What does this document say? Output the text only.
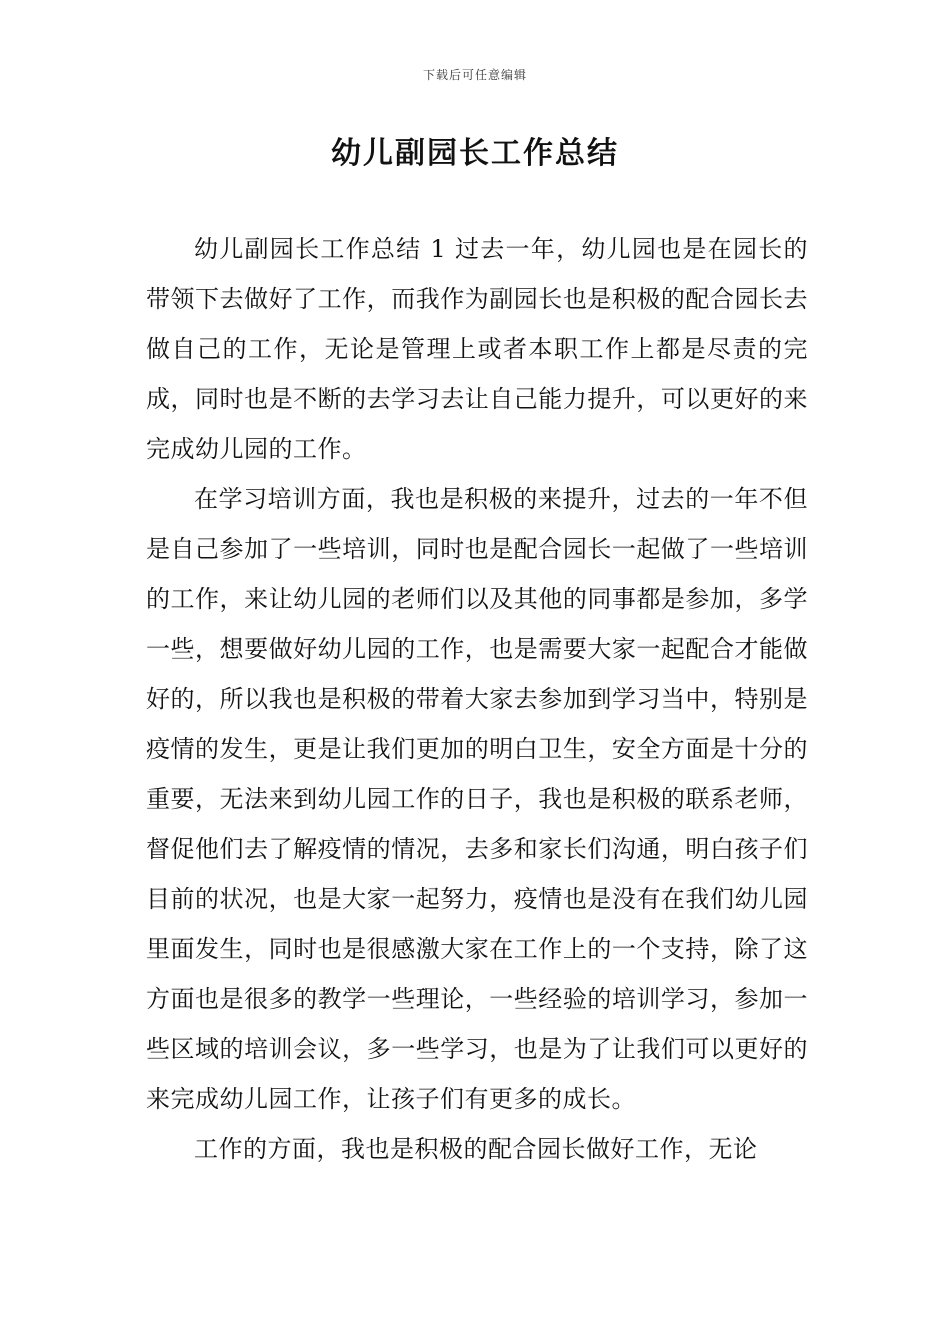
下载后可任意编辑
幼儿副园长工作总结

幼儿副园长工作总结 1 过去一年，幼儿园也是在园长的带领下去做好了工作，而我作为副园长也是积极的配合园长去做自己的工作，无论是管理上或者本职工作上都是尽责的完成，同时也是不断的去学习去让自己能力提升，可以更好的来完成幼儿园的工作。

在学习培训方面，我也是积极的来提升，过去的一年不但是自己参加了一些培训，同时也是配合园长一起做了一些培训的工作，来让幼儿园的老师们以及其他的同事都是参加，多学一些，想要做好幼儿园的工作，也是需要大家一起配合才能做好的，所以我也是积极的带着大家去参加到学习当中，特别是疫情的发生，更是让我们更加的明白卫生，安全方面是十分的重要，无法来到幼儿园工作的日子，我也是积极的联系老师，督促他们去了解疫情的情况，去多和家长们沟通，明白孩子们目前的状况，也是大家一起努力，疫情也是没有在我们幼儿园里面发生，同时也是很感激大家在工作上的一个支持，除了这方面也是很多的教学一些理论，一些经验的培训学习，参加一些区域的培训会议，多一些学习，也是为了让我们可以更好的来完成幼儿园工作，让孩子们有更多的成长。

工作的方面，我也是积极的配合园长做好工作，无论
